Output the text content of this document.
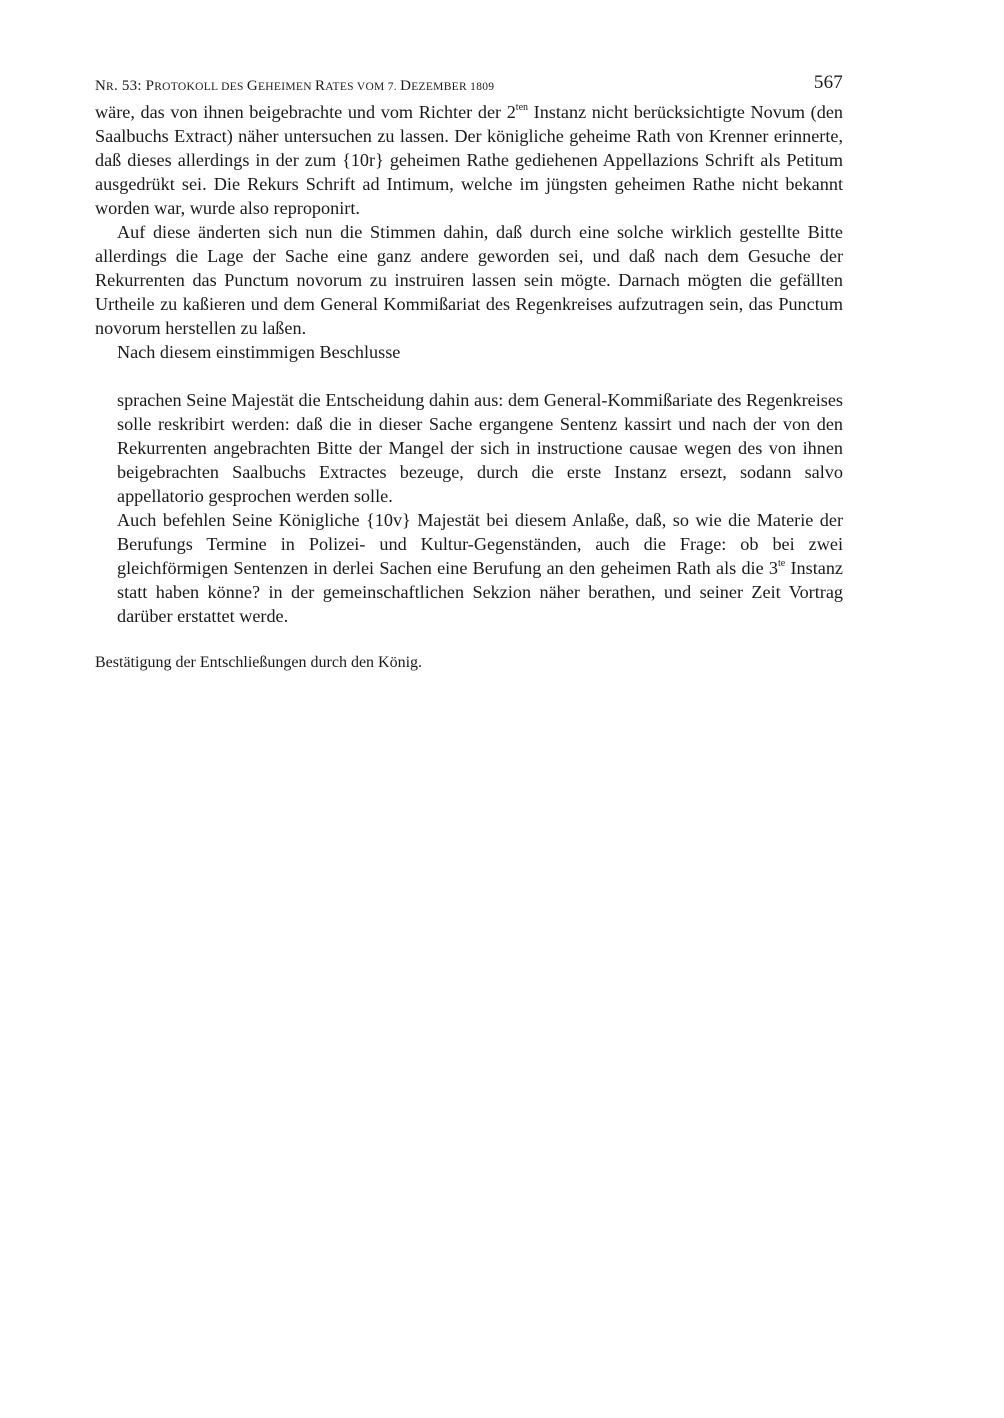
NR. 53: PROTOKOLL DES GEHEIMEN RATES VOM 7. DEZEMBER 1809	567

wäre, das von ihnen beigebrachte und vom Richter der $2^{ten}$ Instanz nicht berücksichtigte Novum (den Saalbuchs Extract) näher untersuchen zu lassen. Der königliche geheime Rath von Krenner erinnerte, daß dieses allerdings in der zum {10r} geheimen Rathe gediehenen Appellazions Schrift als Petitum ausgedrükt sei. Die Rekurs Schrift ad Intimum, welche im jüngsten geheimen Rathe nicht bekannt worden war, wurde also reproponirt.

Auf diese änderten sich nun die Stimmen dahin, daß durch eine solche wirklich gestellte Bitte allerdings die Lage der Sache eine ganz andere geworden sei, und daß nach dem Gesuche der Rekurrenten das Punctum novorum zu instruiren lassen sein mögte. Darnach mögten die gefällten Urtheile zu kaßieren und dem General Kommißariat des Regenkreises aufzutragen sein, das Punctum novorum herstellen zu laßen.

Nach diesem einstimmigen Beschlusse

sprachen Seine Majestät die Entscheidung dahin aus: dem General-Kommißariate des Regenkreises solle reskribirt werden: daß die in dieser Sache ergangene Sentenz kassirt und nach der von den Rekurrenten angebrachten Bitte der Mangel der sich in instructione causae wegen des von ihnen beigebrachten Saalbuchs Extractes bezeuge, durch die erste Instanz ersezt, sodann salvo appellatorio gesprochen werden solle.

Auch befehlen Seine Königliche {10v} Majestät bei diesem Anlaße, daß, so wie die Materie der Berufungs Termine in Polizei- und Kultur-Gegenständen, auch die Frage: ob bei zwei gleichförmigen Sentenzen in derlei Sachen eine Berufung an den geheimen Rath als die $3^{te}$ Instanz statt haben könne? in der gemeinschaftlichen Sekzion näher berathen, und seiner Zeit Vortrag darüber erstattet werde.

Bestätigung der Entschließungen durch den König.
